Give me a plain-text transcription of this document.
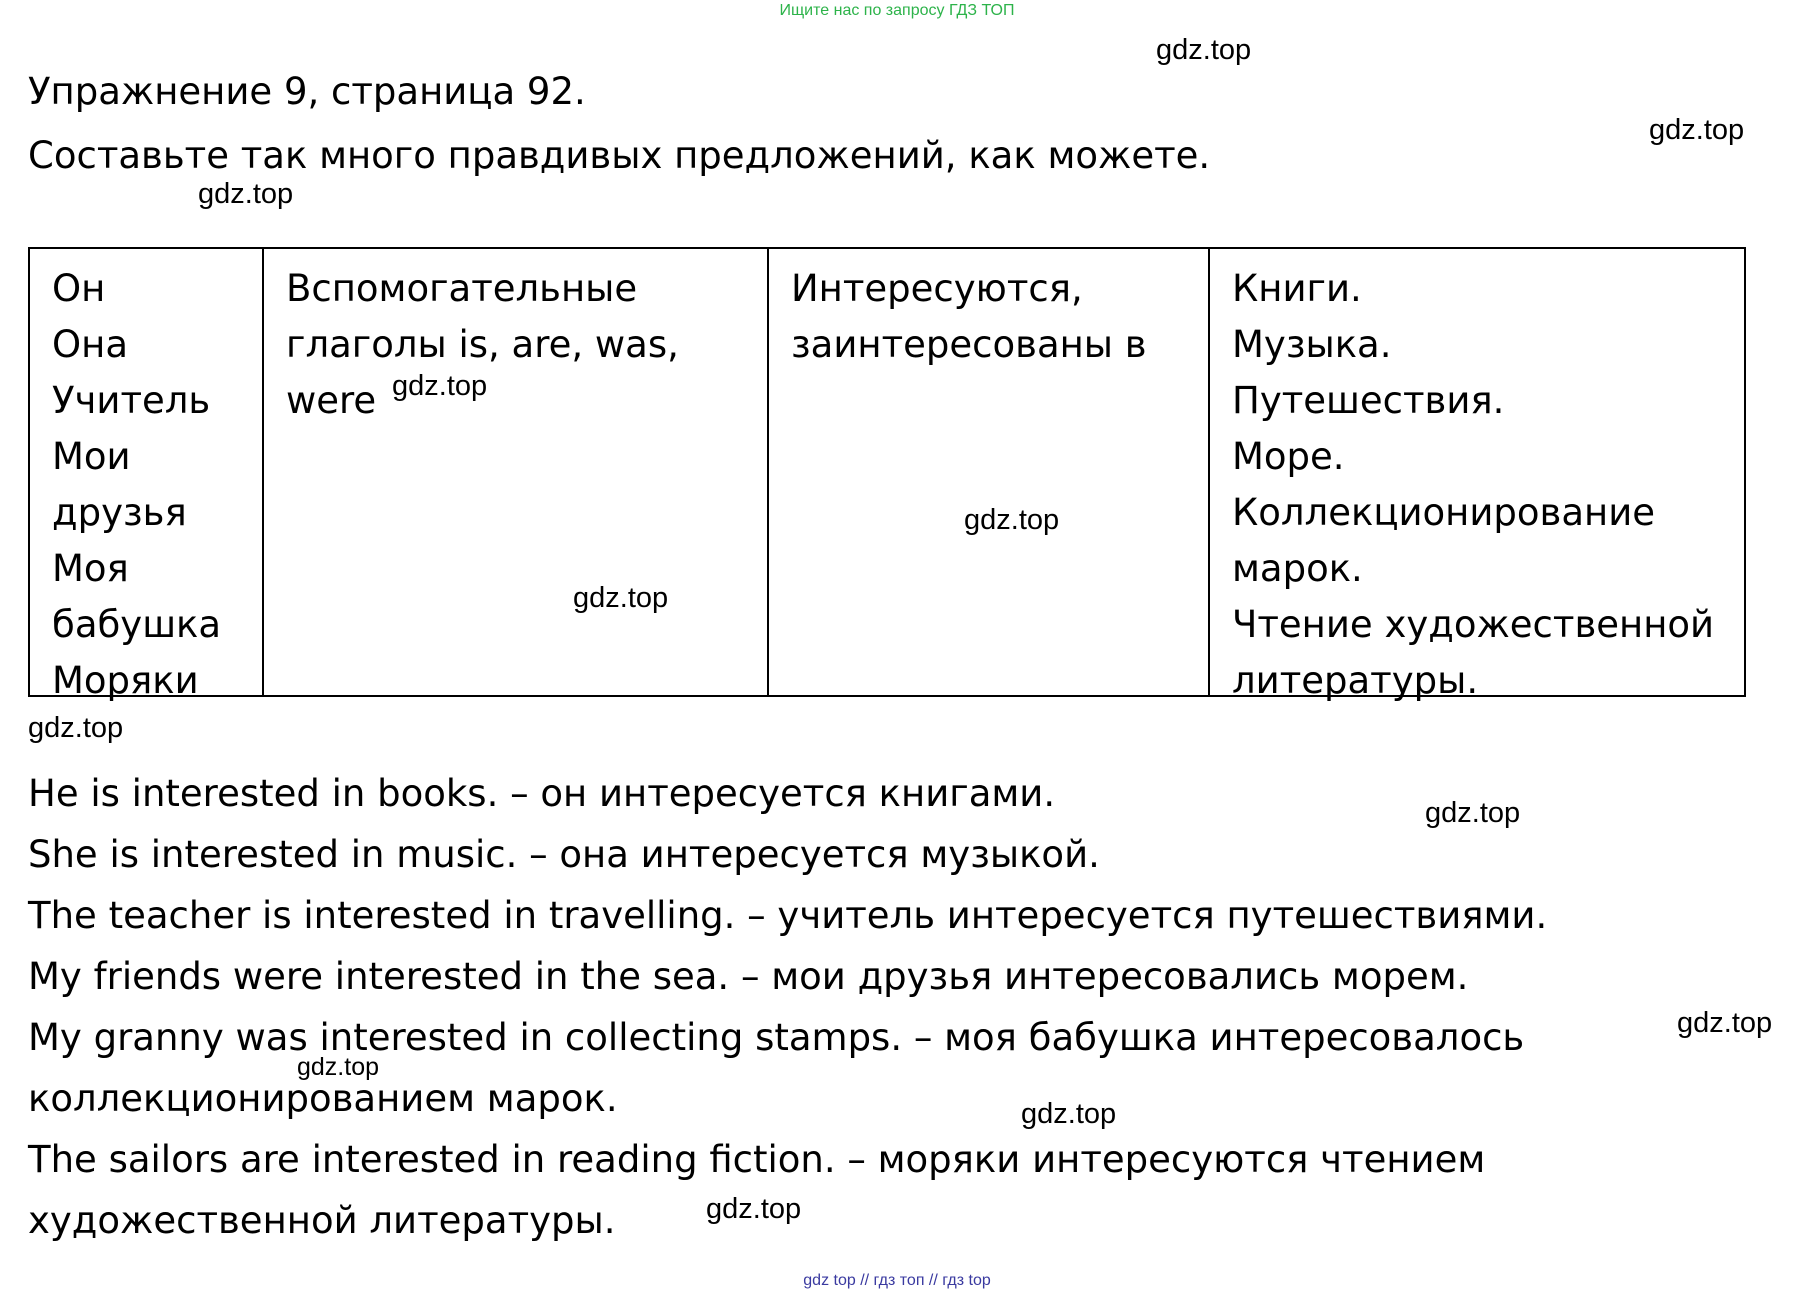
Ищите нас по запросу ГДЗ ТОП
gdz.top
gdz.top
gdz.top
Упражнение 9, страница 92.
Составьте так много правдивых предложений, как можете.
Он
Она
Учитель
Мои
друзья
Моя
бабушка
Моряки
Вспомогательные
глаголы is, are, was,
were
Интересуются,
заинтересованы в
Книги.
Музыка.
Путешествия.
Море.
Коллекционирование
марок.
Чтение художественной
литературы.
gdz.top
gdz.top
gdz.top
gdz.top
He is interested in books. – он интересуется книгами.
She is interested in music. – она интересуется музыкой.
The teacher is interested in travelling. – учитель интересуется путешествиями.
My friends were interested in the sea. – мои друзья интересовались морем.
My granny was interested in collecting stamps. – моя бабушка интересовалось
коллекционированием марок.
The sailors are interested in reading fiction. – моряки интересуются чтением
художественной литературы.
gdz.top
gdz.top
gdz.top
gdz.top
gdz.top
gdz top // гдз топ // гдз top
